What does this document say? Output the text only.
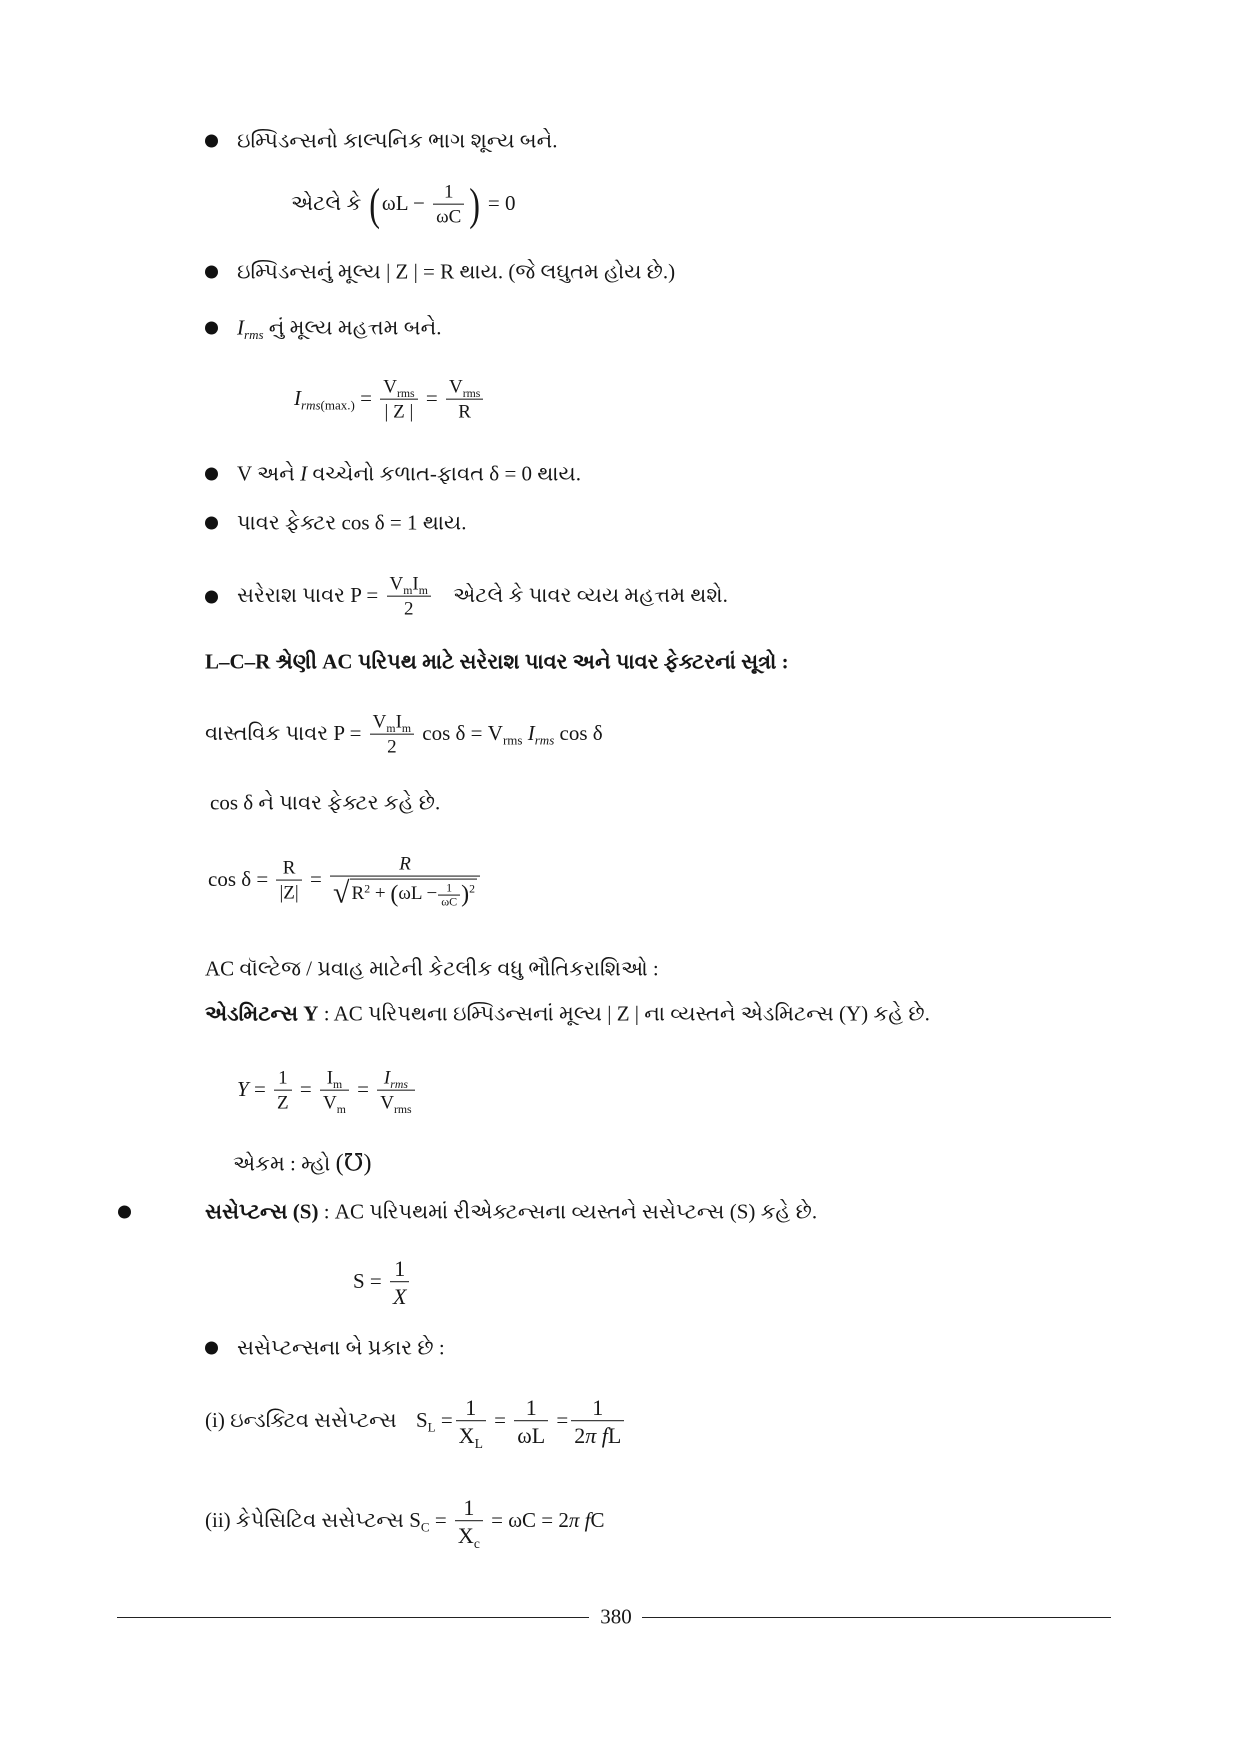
ઇમ્પિડન્સનો કાલ્પનિક ભાગ શૂન્ય બને.
એટલે કે ( $\omega L - \frac{1}{\omega C}$ ) = 0
ઇમ્પિડન્સનું મૂલ્ય | Z | = R થાય. (જે લઘુતમ હોય છે.)
$I_{rms}$ નું મૂલ્ય મહત્તમ બને.
$I_{rms(max.)} = \frac{V_{rms}}{| Z |} = \frac{V_{rms}}{R}$
V અને I વચ્ચેનો કળાત-ફાવત δ = 0 થાય.
પાવર ફેક્ટર cos δ = 1 થાય.
સરેરાશ પાવર $P = \frac{V_mI_m}{2}$ એટલે કે પાવર વ્યય મહત્તમ થશે.
L–C–R શ્રેણી AC પરિપથ માટે સરેરાશ પાવર અને પાવર ફેક્ટરનાં સૂત્રો :
વાસ્તવિક પાવર $P = \frac{V_mI_m}{2}$ $\cos \delta = V_{rms}$ $I_{rms}$ cos δ
cos δ ને પાવર ફેક્ટર કહે છે.
$\cos \delta = \frac{R}{|Z|} = \frac{R}{√ R^2 + (\omega L - \frac{1}{\omega C} )^2}$
AC વૉલ્ટેજ / પ્રવાહ માટેની કેટલીક વધુ ભૌતિકરાશિઓ :
એડમિટન્સ Y : AC પરિપથના ઇમ્પિડન્સનાં મૂલ્ય | Z | ના વ્યસ્તને એડમિટન્સ (Y) કહે છે.
$Y = \frac{1}{Z} = \frac{I_m}{V_m} = \frac{I_{rms}}{V_{rms}}$
એકમ : મ્હો (℧)
સસેપ્ટન્સ (S) : AC પરિપથમાં રીએક્ટન્સના વ્યસ્તને સસેપ્ટન્સ (S) કહે છે.
$S = \frac{1}{X}$
સસેપ્ટન્સના બે પ્રકાર છે :
(i) ઇન્ડક્ટિવ સસેપ્ટન્સ $S_L = \frac{1}{X_L} = \frac{1}{\omega L} = \frac{1}{\text{2π fL}}$
(ii) કેપેસિટિવ સસેપ્ટન્સ $S_C = \frac{1}{X_c} = \omega C = 2\pi$ fC
380
